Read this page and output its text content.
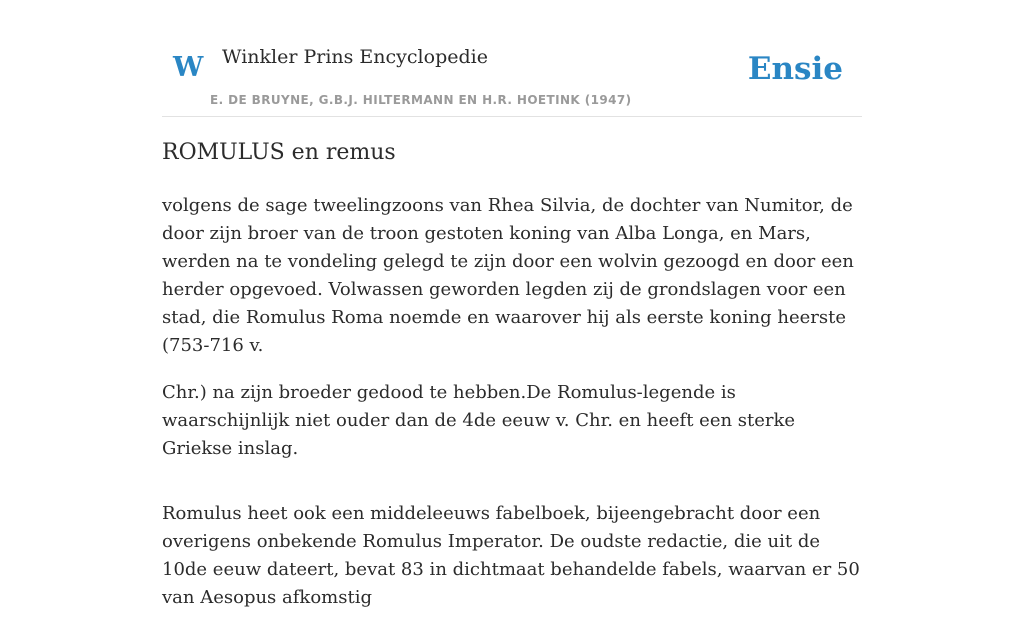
W Winkler Prins Encyclopedie
E. DE BRUYNE, G.B.J. HILTERMANN EN H.R. HOETINK (1947)
Ensie
ROMULUS en remus

volgens de sage tweelingzoons van Rhea Silvia, de dochter van Numitor, de door zijn broer van de troon gestoten koning van Alba Longa, en Mars, werden na te vondeling gelegd te zijn door een wolvin gezoogd en door een herder opgevoed. Volwassen geworden legden zij de grondslagen voor een stad, die Romulus Roma noemde en waarover hij als eerste koning heerste (753-716 v.

Chr.) na zijn broeder gedood te hebben.De Romulus-legende is waarschijnlijk niet ouder dan de 4de eeuw v. Chr. en heeft een sterke Griekse inslag.

Romulus heet ook een middeleeuws fabelboek, bijeengebracht door een overigens onbekende Romulus Imperator. De oudste redactie, die uit de 10de eeuw dateert, bevat 83 in dichtmaat behandelde fabels, waarvan er 50 van Aesopus afkomstig
